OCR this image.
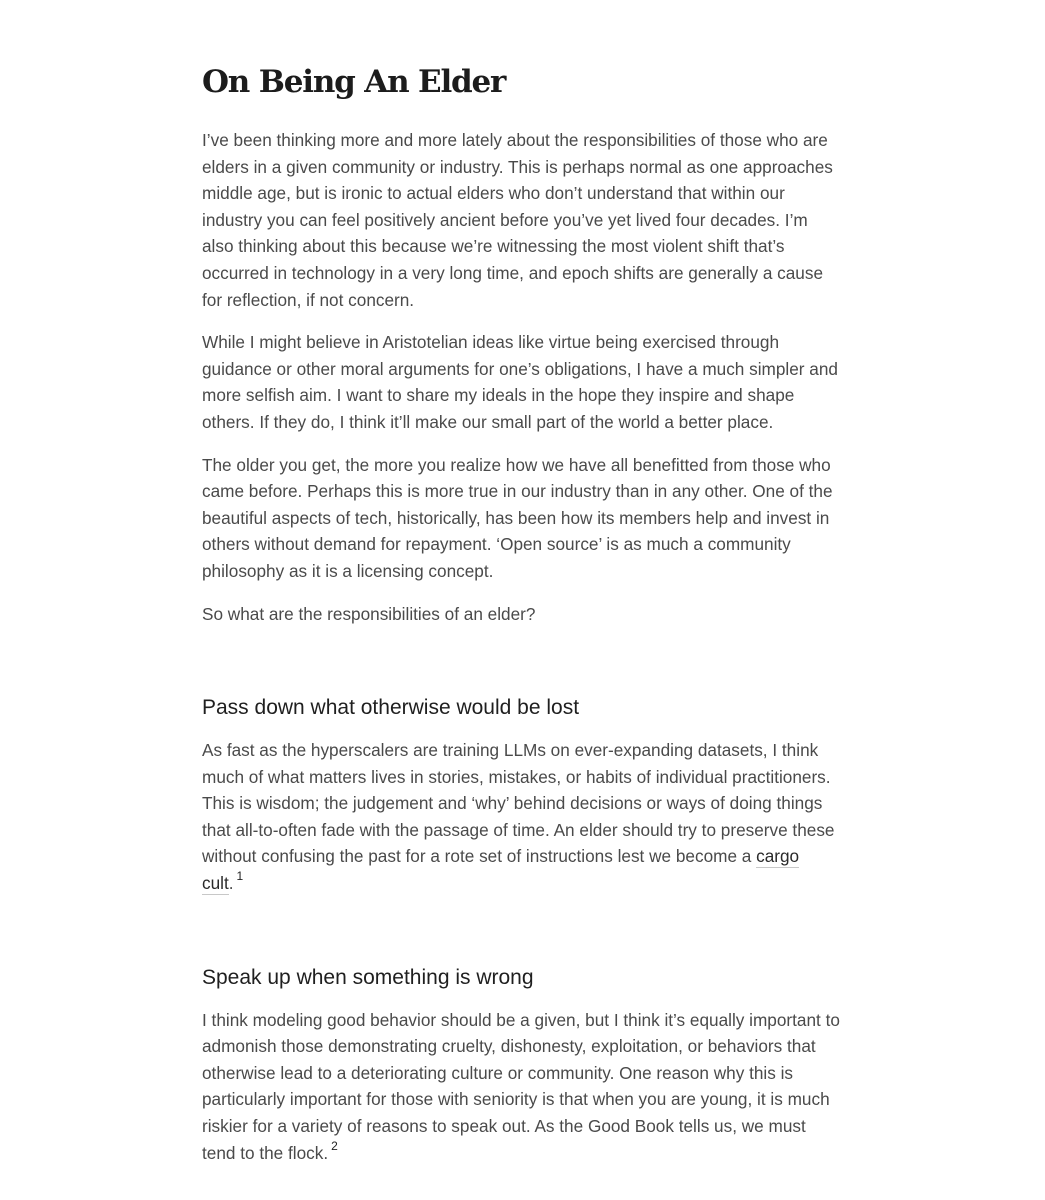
On Being An Elder

I’ve been thinking more and more lately about the responsibilities of those who are elders in a given community or industry. This is perhaps normal as one approaches middle age, but is ironic to actual elders who don’t understand that within our industry you can feel positively ancient before you’ve yet lived four decades. I’m also thinking about this because we’re witnessing the most violent shift that’s occurred in technology in a very long time, and epoch shifts are generally a cause for reflection, if not concern.

While I might believe in Aristotelian ideas like virtue being exercised through guidance or other moral arguments for one’s obligations, I have a much simpler and more selfish aim. I want to share my ideals in the hope they inspire and shape others. If they do, I think it’ll make our small part of the world a better place.

The older you get, the more you realize how we have all benefitted from those who came before. Perhaps this is more true in our industry than in any other. One of the beautiful aspects of tech, historically, has been how its members help and invest in others without demand for repayment. ‘Open source’ is as much a community philosophy as it is a licensing concept.

So what are the responsibilities of an elder?

Pass down what otherwise would be lost

As fast as the hyperscalers are training LLMs on ever-expanding datasets, I think much of what matters lives in stories, mistakes, or habits of individual practitioners. This is wisdom; the judgement and ‘why’ behind decisions or ways of doing things that all-to-often fade with the passage of time. An elder should try to preserve these without confusing the past for a rote set of instructions lest we become a cargo cult. $^1$

Speak up when something is wrong

I think modeling good behavior should be a given, but I think it’s equally important to admonish those demonstrating cruelty, dishonesty, exploitation, or behaviors that otherwise lead to a deteriorating culture or community. One reason why this is particularly important for those with seniority is that when you are young, it is much riskier for a variety of reasons to speak out. As the Good Book tells us, we must tend to the flock. $^2$
